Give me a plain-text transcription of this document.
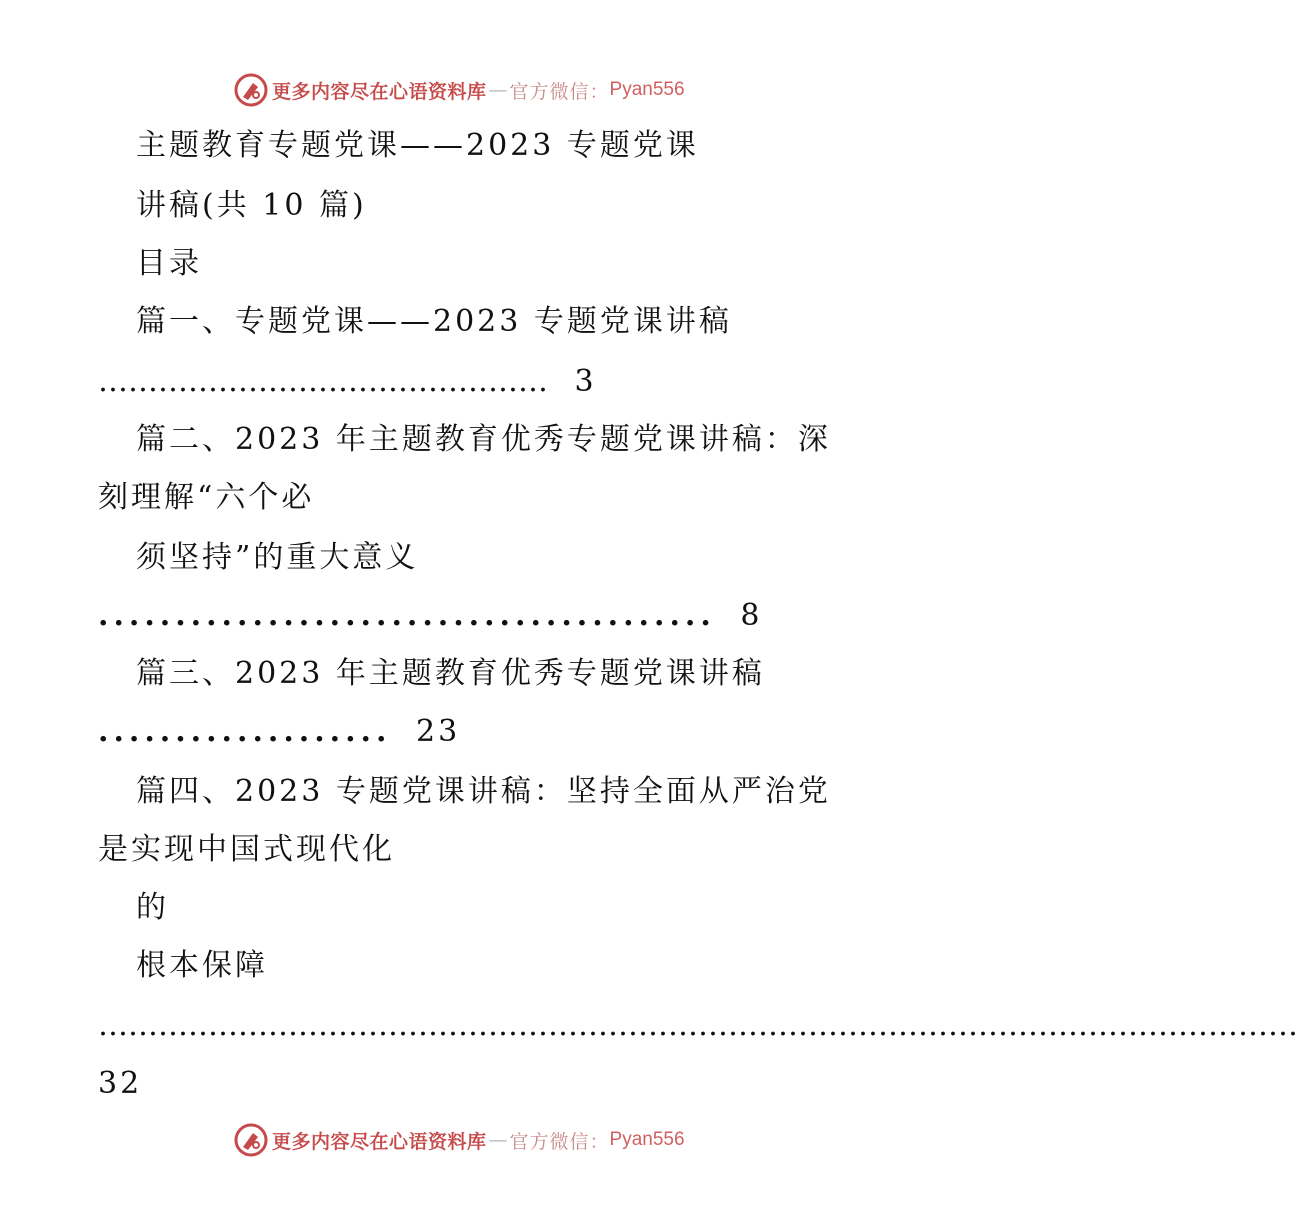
更多内容尽在心语资料库 — 官方微信： Pyan556
主题教育专题党课——2023 专题党课
讲稿(共 10 篇)
目录
篇一、专题党课——2023 专题党课讲稿
……………………………………… 3
篇二、2023 年主题教育优秀专题党课讲稿：深
刻理解“六个必
须坚持”的重大意义
........................................ 8
篇三、2023 年主题教育优秀专题党课讲稿
................... 23
篇四、2023 专题党课讲稿：坚持全面从严治党
是实现中国式现代化
的
根本保障
…………………………………………………………………………………………………………
32
更多内容尽在心语资料库 — 官方微信： Pyan556
